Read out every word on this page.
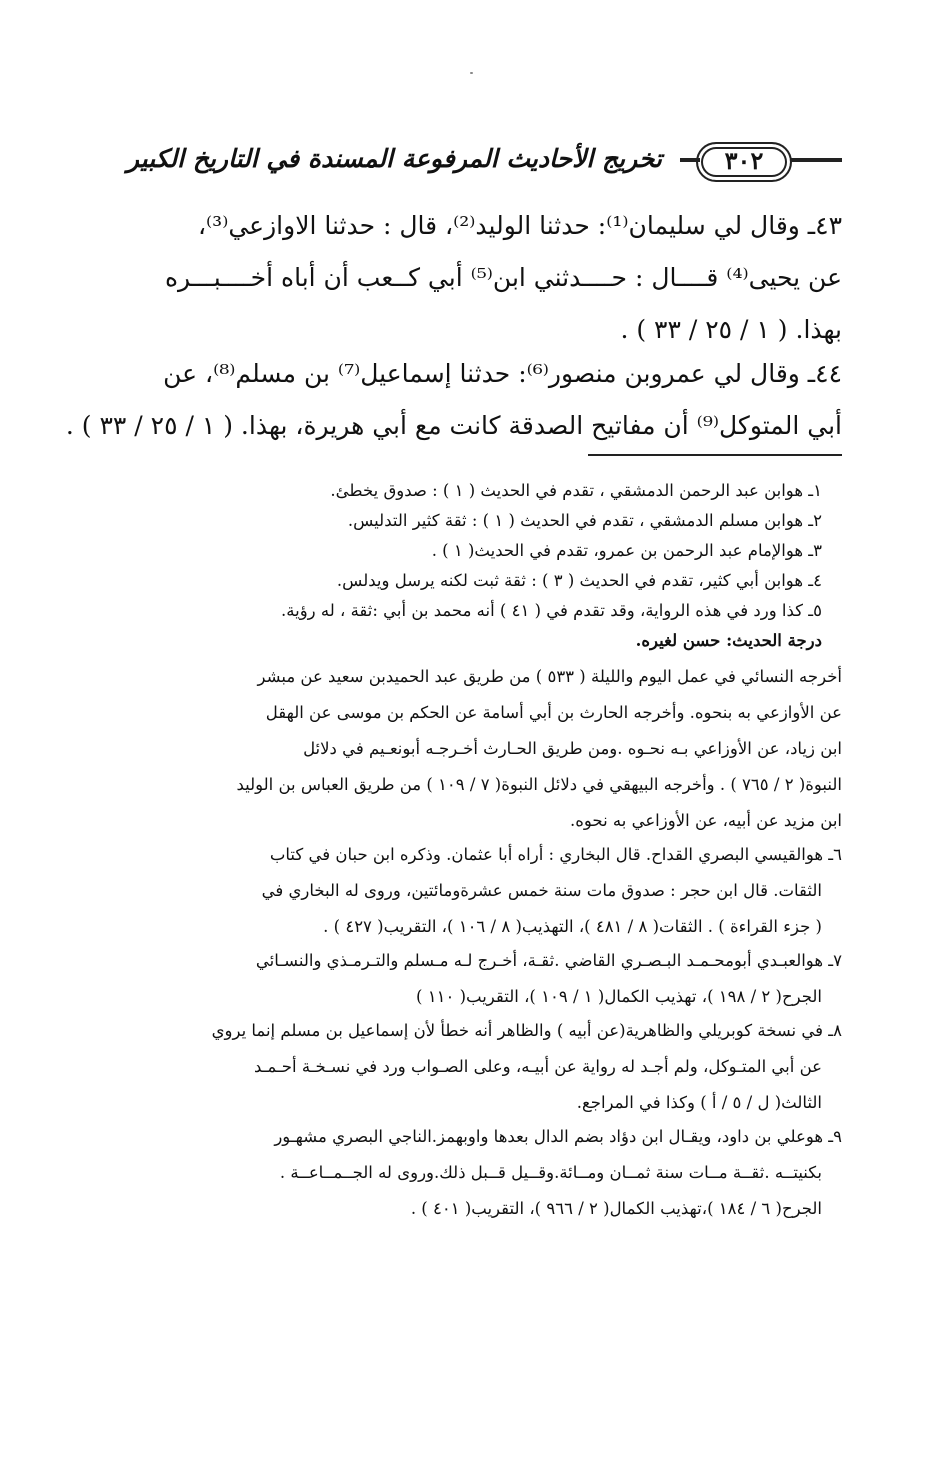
٣٠٢
تخريج الأحاديث المرفوعة المسندة في التاريخ الكبير
٤٣ـ وقال لي سليمان⁽¹⁾: حدثنا الوليد⁽²⁾، قال : حدثنا الاوازعي⁽³⁾،
عن يحيى⁽⁴⁾ قــــال : حــــدثني ابن⁽⁵⁾ أبي كــعب أن أباه أخــــبـــره
بهذا. ( ١ / ٢٥ / ٣٣ ) .
٤٤ـ وقال لي عمروبن منصور⁽⁶⁾: حدثنا إسماعيل⁽⁷⁾ بن مسلم⁽⁸⁾، عن
أبي المتوكل⁽⁹⁾ أن مفاتيح الصدقة كانت مع أبي هريرة، بهذا. ( ١ / ٢٥ / ٣٣ ) .
١ـ هوابن عبد الرحمن الدمشقي ، تقدم في الحديث ( ١ ) : صدوق يخطئ.
٢ـ هوابن مسلم الدمشقي ، تقدم في الحديث ( ١ ) : ثقة كثير التدليس.
٣ـ هوالإمام عبد الرحمن بن عمرو، تقدم في الحديث( ١ ) .
٤ـ هوابن أبي كثير، تقدم في الحديث ( ٣ ) : ثقة ثبت لكنه يرسل ويدلس.
٥ـ كذا ورد في هذه الرواية، وقد تقدم في ( ٤١ ) أنه محمد بن أبي :ثقة ، له رؤية.
درجة الحديث: حسن لغيره.
أخرجه النسائي في عمل اليوم والليلة ( ٥٣٣ ) من طريق عبد الحميدبن سعيد عن مبشر
عن الأوازعي به بنحوه. وأخرجه الحارث بن أبي أسامة عن الحكم بن موسى عن الهقل
ابن زياد، عن الأوزاعي بـه نحـوه .ومن طريق الحـارث أخـرجـه أبونعـيم في دلائل
النبوة( ٢ / ٧٦٥ ) . وأخرجه البيهقي في دلائل النبوة( ٧ / ١٠٩ ) من طريق العباس بن الوليد
ابن مزيد عن أبيه، عن الأوزاعي به نحوه.
٦ـ هوالقيسي البصري القداح. قال البخاري : أراه أبا عثمان. وذكره ابن حبان في كتاب
الثقات. قال ابن حجر : صدوق مات سنة خمس عشرةومائتين، وروى له البخاري في
( جزء القراءة ) . الثقات( ٨ / ٤٨١ )، التهذيب( ٨ / ١٠٦ )، التقريب( ٤٢٧ ) .
٧ـ هوالعبـدي أبومحـمـد البـصـري القاضي .ثقـة، أخـرج لـه مـسلم والتـرمـذي والنسـائي
الجرح( ٢ / ١٩٨ )، تهذيب الكمال( ١ / ١٠٩ )، التقريب( ١١٠ )
٨ـ في نسخة كوبريلي والظاهرية(عن أبيه ) والظاهر أنه خطأ لأن إسماعيل بن مسلم إنما يروي
عن أبي المتـوكل، ولم أجـد له رواية عن أبيـه، وعلى الصـواب ورد في نسـخـة أحـمـد
الثالث( ل / ٥ / أ ) وكذا في المراجع.
٩ـ هوعلي بن داود، ويقـال ابن دؤاد بضم الدال بعدها واوبهمز.الناجي البصري مشهـور
بكنيتــه .ثقــة مــات سنة ثمــان ومــائة.وقــيل قــبل ذلك.وروى له الجــمــاعــة .
الجرح( ٦ / ١٨٤ )،تهذيب الكمال( ٢ / ٩٦٦ )، التقريب( ٤٠١ ) .
